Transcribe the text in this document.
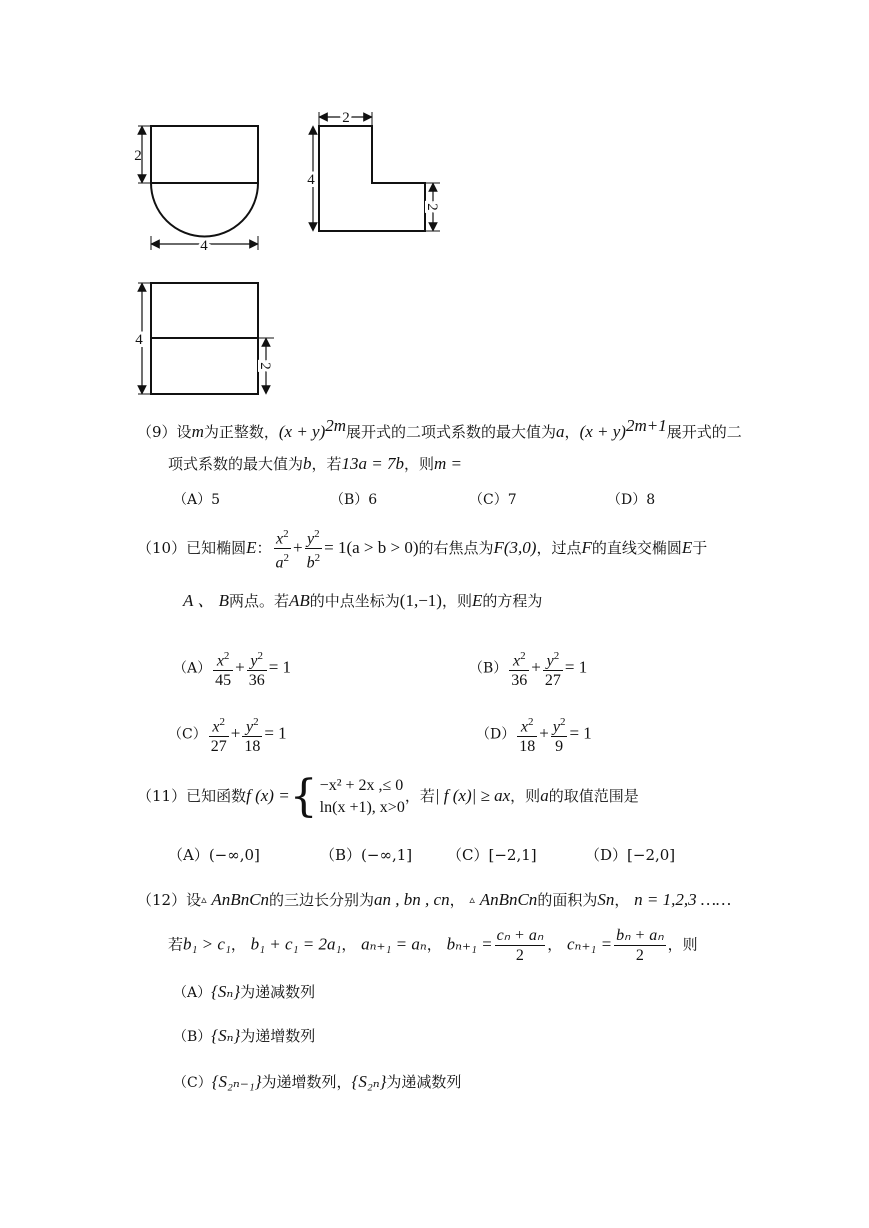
2
4
2
4
2
4
2
（9）设m为正整数，$(x + y)^{2m}$展开式的二项式系数的最大值为a，$(x + y)^{2m+1}$展开式的二
项式系数的最大值为b，若13a = 7b，则m =
（A）5	（B）6	（C）7	（D）8
（10）已知椭圆E： $\frac{x^2}{a^2} + \frac{y^2}{b^2} = 1(a > b > 0)$的右焦点为F(3,0)，过点F的直线交椭圆E于
A 、 B两点。若AB的中点坐标为(1,−1)，则E的方程为
$(A) \frac{x^2}{45} + \frac{y^2}{36} = 1$	$(B) \frac{x^2}{36} + \frac{y^2}{27} = 1$
$(C) \frac{x^2}{27} + \frac{y^2}{18} = 1$	$(D) \frac{x^2}{18} + \frac{y^2}{9} = 1$
（11）已知函数f (x) ={ −x² + 2x ,≤ 0
ln(x +1), x>0
，若| f (x)| ≥ ax，则a的取值范围是
（A）(−∞,0]	（B）(−∞,1] （C）[−2,1]	（D）[−2,0]
（12）设▵ AnBnCn的三边长分别为an , bn , cn， ▵ AnBnCn的面积为Sn， n = 1,2,3 ……
若b₁ > c₁， b₁ + c₁ = 2a₁， aₙ₊₁ = aₙ， $b_{n+1} = \frac{\text{cₙ + aₙ}}{2}$ ， $c_{n+1} = \frac{\text{bₙ + aₙ}}{2}$ ，则
（A）{Sₙ}为递减数列
（B）{Sₙ}为递增数列
（C）{S₂ₙ₋₁}为递增数列，{S₂ₙ}为递减数列
